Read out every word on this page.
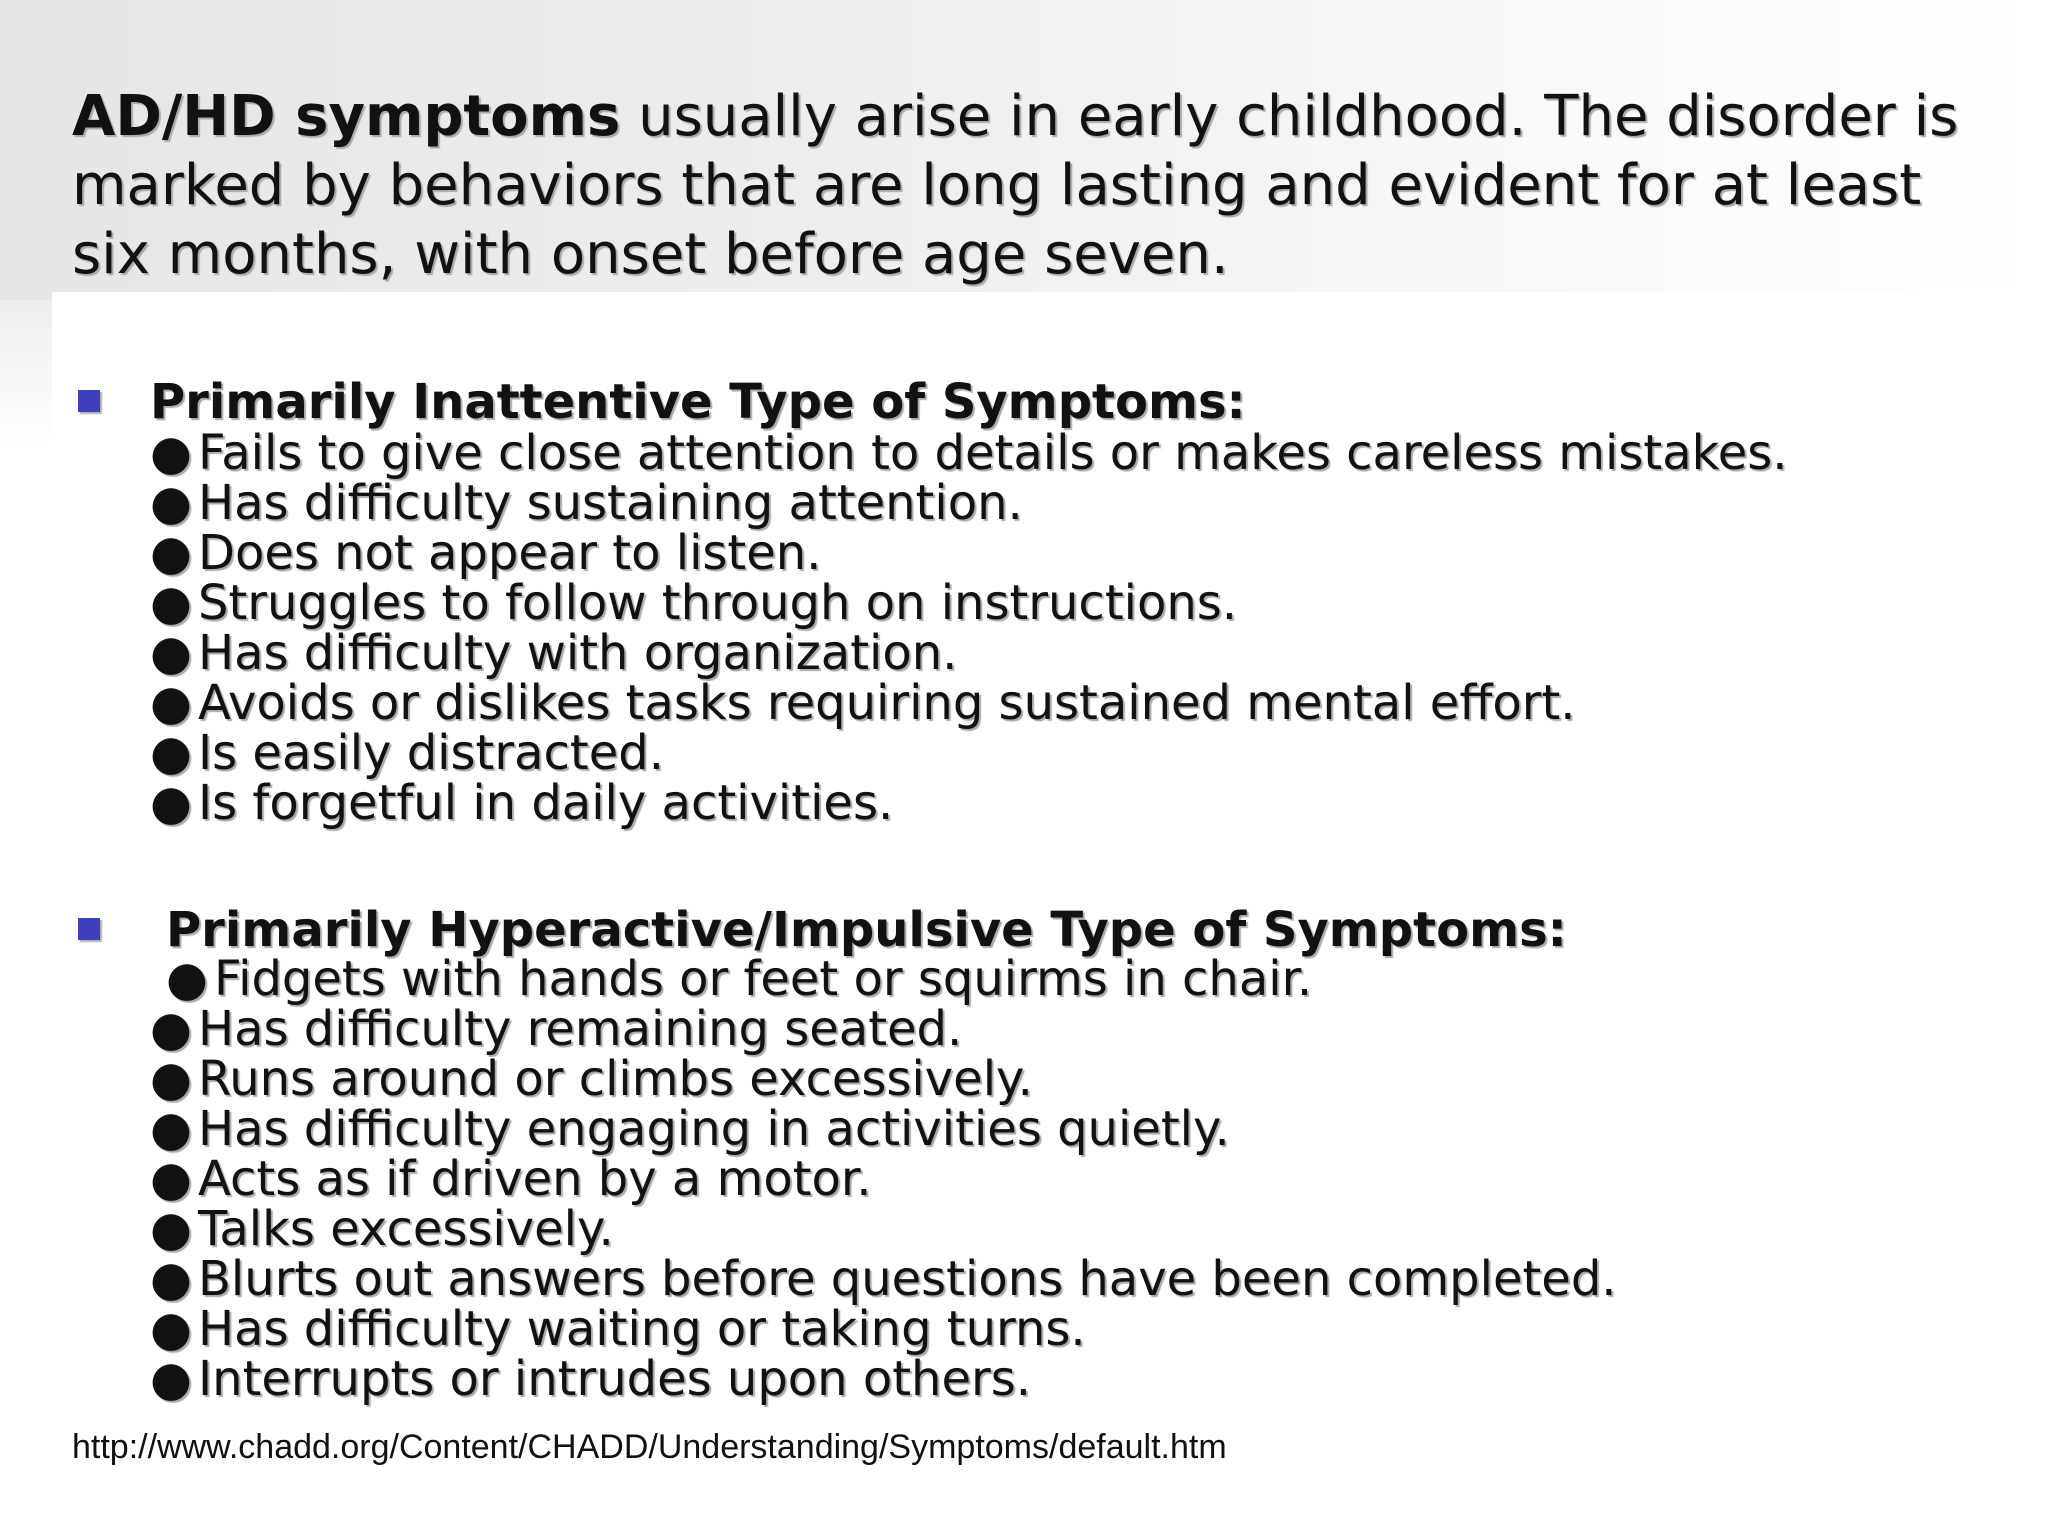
AD/HD symptoms usually arise in early childhood. The disorder is marked by behaviors that are long lasting and evident for at least six months, with onset before age seven.

Primarily Inattentive Type of Symptoms:
● Fails to give close attention to details or makes careless mistakes.
● Has difficulty sustaining attention.
● Does not appear to listen.
● Struggles to follow through on instructions.
● Has difficulty with organization.
● Avoids or dislikes tasks requiring sustained mental effort.
● Is easily distracted.
● Is forgetful in daily activities.
Primarily Hyperactive/Impulsive Type of Symptoms:
● Fidgets with hands or feet or squirms in chair.
● Has difficulty remaining seated.
● Runs around or climbs excessively.
● Has difficulty engaging in activities quietly.
● Acts as if driven by a motor.
● Talks excessively.
● Blurts out answers before questions have been completed.
● Has difficulty waiting or taking turns.
● Interrupts or intrudes upon others.
http://www.chadd.org/Content/CHADD/Understanding/Symptoms/default.htm
